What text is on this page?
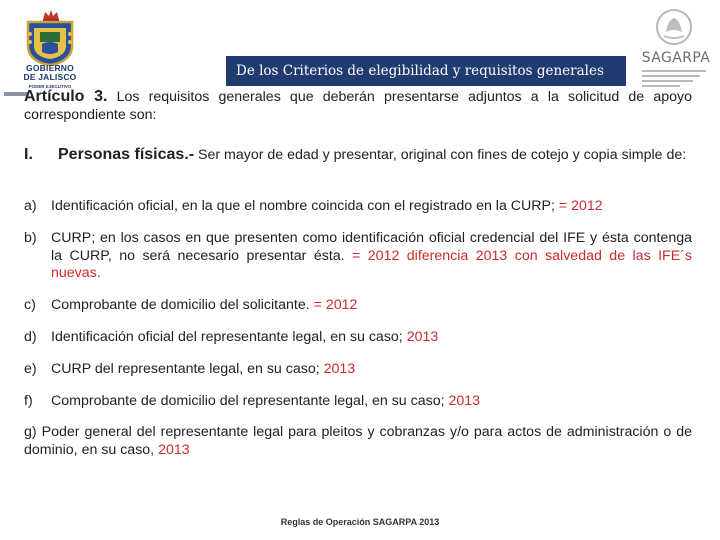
GOBIERNO
DE JALISCO
PODER EJECUTIVO
SAGARPA
De los Criterios de elegibilidad y requisitos generales
Artículo 3. Los requisitos generales que deberán presentarse adjuntos a la solicitud de apoyo correspondiente son:
I.	Personas físicas.- Ser mayor de edad y presentar, original con fines de cotejo y copia simple de:
a)	Identificación oficial, en la que el nombre coincida con el registrado en la CURP; = 2012
b)	CURP; en los casos en que presenten como identificación oficial credencial del IFE y ésta contenga la CURP, no será necesario presentar ésta. = 2012 diferencia 2013 con salvedad de las IFE´s nuevas.
c)	Comprobante de domicilio del solicitante. = 2012
d)	Identificación oficial del representante legal, en su caso; 2013
e)	CURP del representante legal, en su caso; 2013
f)	Comprobante de domicilio del representante legal, en su caso; 2013
g) Poder general del representante legal para pleitos y cobranzas y/o para actos de administración o de dominio, en su caso, 2013
Reglas de Operación SAGARPA 2013
